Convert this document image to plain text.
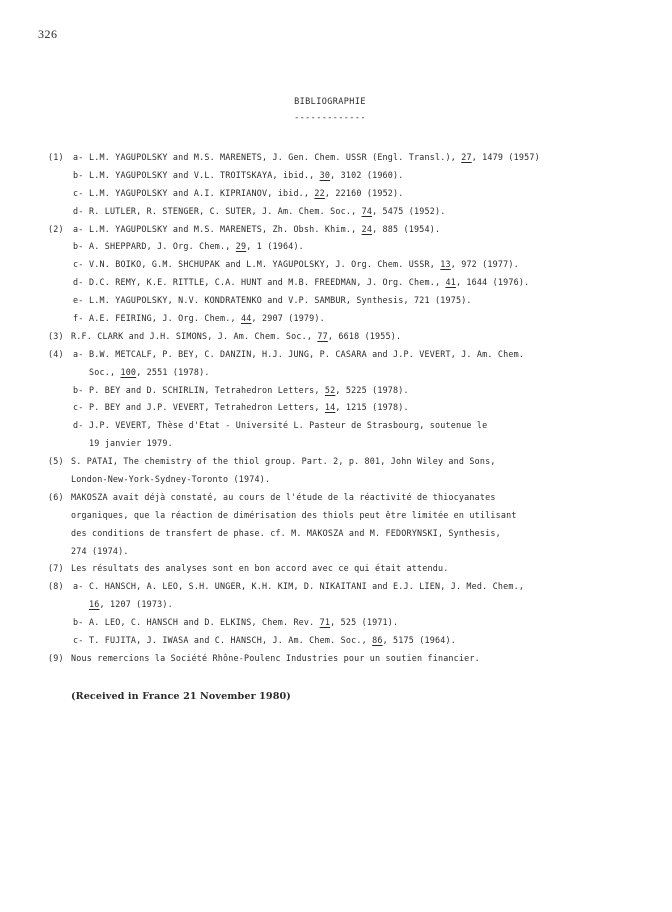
326
BIBLIOGRAPHIE
-------------
(1) a- L.M. YAGUPOLSKY and M.S. MARENETS, J. Gen. Chem. USSR (Engl. Transl.), 27, 1479 (1957)
b- L.M. YAGUPOLSKY and V.L. TROITSKAYA, ibid., 30, 3102 (1960).
c- L.M. YAGUPOLSKY and A.I. KIPRIANOV, ibid., 22, 22160 (1952).
d- R. LUTLER, R. STENGER, C. SUTER, J. Am. Chem. Soc., 74, 5475 (1952).
(2) a- L.M. YAGUPOLSKY and M.S. MARENETS, Zh. Obsh. Khim., 24, 885 (1954).
b- A. SHEPPARD, J. Org. Chem., 29, 1 (1964).
c- V.N. BOIKO, G.M. SHCHUPAK and L.M. YAGUPOLSKY, J. Org. Chem. USSR, 13, 972 (1977).
d- D.C. REMY, K.E. RITTLE, C.A. HUNT and M.B. FREEDMAN, J. Org. Chem., 41, 1644 (1976).
e- L.M. YAGUPOLSKY, N.V. KONDRATENKO and V.P. SAMBUR, Synthesis, 721 (1975).
f- A.E. FEIRING, J. Org. Chem., 44, 2907 (1979).
(3) R.F. CLARK and J.H. SIMONS, J. Am. Chem. Soc., 77, 6618 (1955).
(4) a- B.W. METCALF, P. BEY, C. DANZIN, H.J. JUNG, P. CASARA and J.P. VEVERT, J. Am. Chem.
Soc., 100, 2551 (1978).
b- P. BEY and D. SCHIRLIN, Tetrahedron Letters, 52, 5225 (1978).
c- P. BEY and J.P. VEVERT, Tetrahedron Letters, 14, 1215 (1978).
d- J.P. VEVERT, Thèse d'Etat - Université L. Pasteur de Strasbourg, soutenue le
19 janvier 1979.
(5) S. PATAI, The chemistry of the thiol group. Part. 2, p. 801, John Wiley and Sons,
London-New-York-Sydney-Toronto (1974).
(6) MAKOSZA avait déjà constaté, au cours de l'étude de la réactivité de thiocyanates
organiques, que la réaction de dimérisation des thiols peut être limitée en utilisant
des conditions de transfert de phase. cf. M. MAKOSZA and M. FEDORYNSKI, Synthesis,
274 (1974).
(7) Les résultats des analyses sont en bon accord avec ce qui était attendu.
(8) a- C. HANSCH, A. LEO, S.H. UNGER, K.H. KIM, D. NIKAITANI and E.J. LIEN, J. Med. Chem.,
16, 1207 (1973).
b- A. LEO, C. HANSCH and D. ELKINS, Chem. Rev. 71, 525 (1971).
c- T. FUJITA, J. IWASA and C. HANSCH, J. Am. Chem. Soc., 86, 5175 (1964).
(9) Nous remercions la Société Rhône-Poulenc Industries pour un soutien financier.
(Received in France 21 November 1980)
